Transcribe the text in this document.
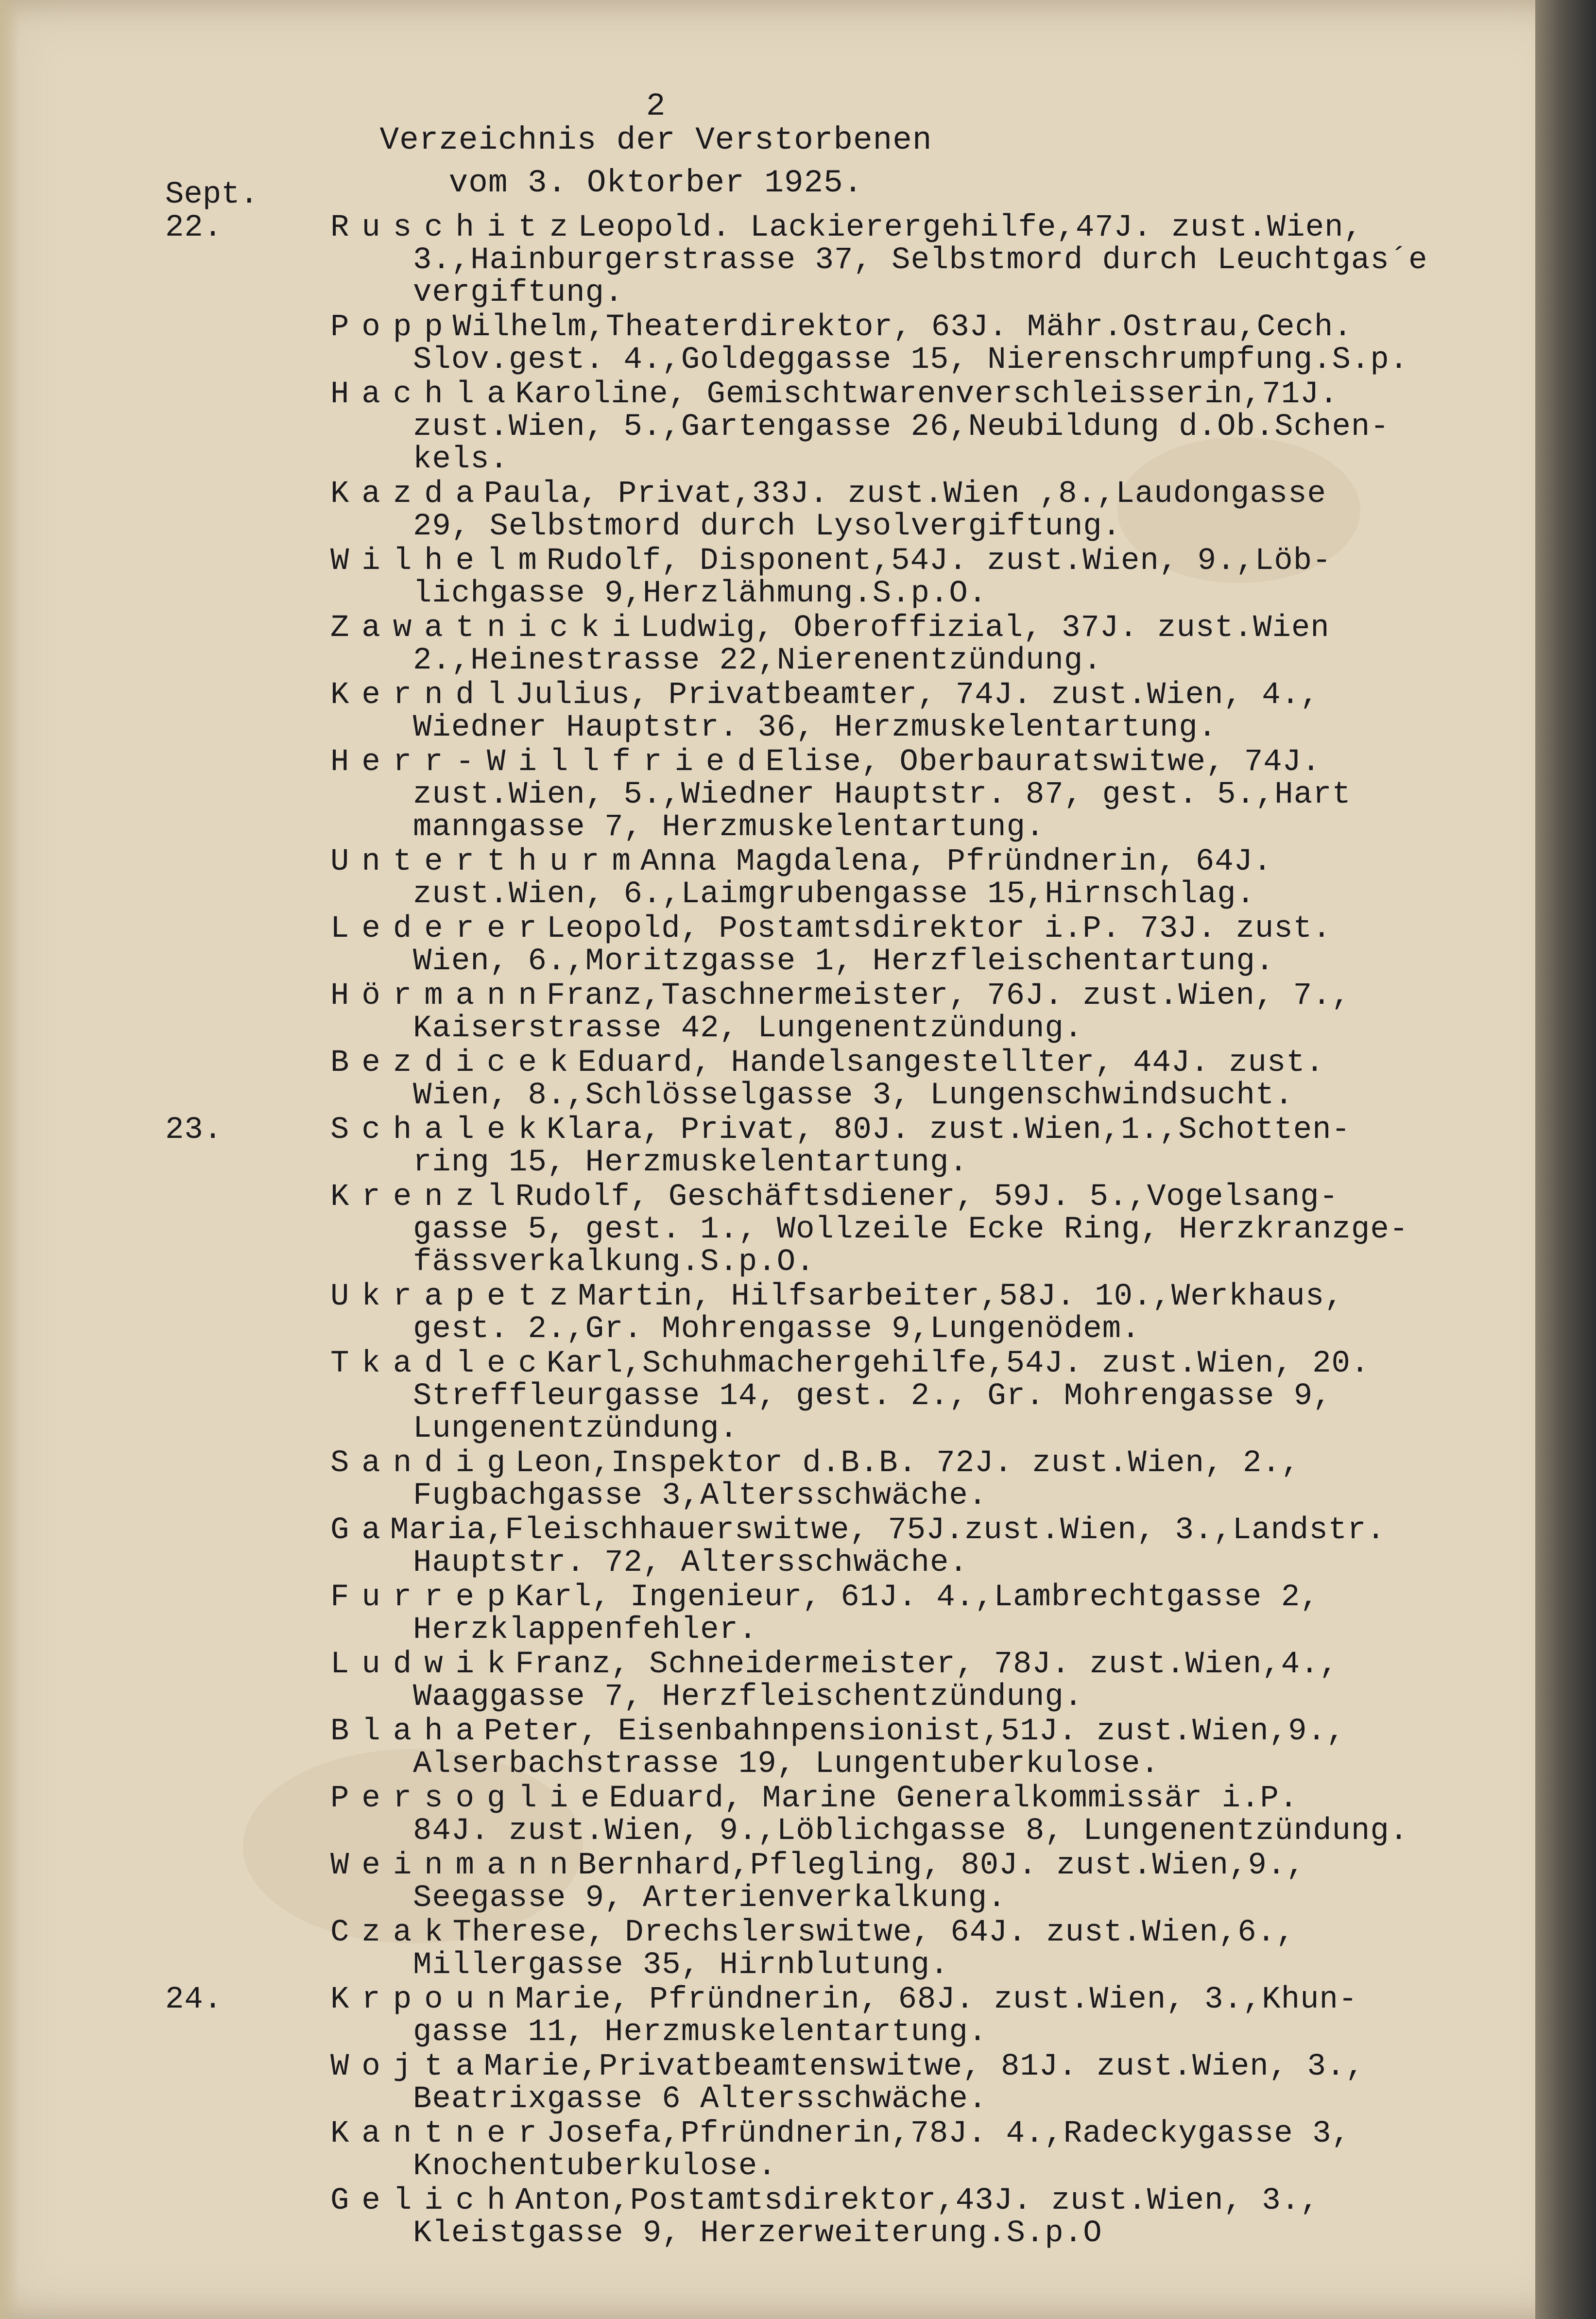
2
Verzeichnis der Verstorbenen
vom 3. Oktorber 1925.
Sept.
22.	RuschitzLeopold. Lackierergehilfe,47J. zust.Wien,
3.,Hainburgerstrasse 37, Selbstmord durch Leuchtgas´e
vergiftung.
PoppWilhelm,Theaterdirektor, 63J. Mähr.Ostrau,Cech.
Slov.gest. 4.,Goldeggasse 15, Nierenschrumpfung.S.p.
HachlaKaroline, Gemischtwarenverschleisserin,71J.
zust.Wien, 5.,Gartengasse 26,Neubildung d.Ob.Schen-
kels.
KazdaPaula, Privat,33J. zust.Wien ,8.,Laudongasse
29, Selbstmord durch Lysolvergiftung.
WilhelmRudolf, Disponent,54J. zust.Wien, 9.,Löb-
lichgasse 9,Herzlähmung.S.p.O.
ZawatnickiLudwig, Oberoffizial, 37J. zust.Wien
2.,Heinestrasse 22,Nierenentzündung.
KerndlJulius, Privatbeamter, 74J. zust.Wien, 4.,
Wiedner Hauptstr. 36, Herzmuskelentartung.
Herr-WillfriedElise, Oberbauratswitwe, 74J.
zust.Wien, 5.,Wiedner Hauptstr. 87, gest. 5.,Hart
manngasse 7, Herzmuskelentartung.
UnterthurmAnna Magdalena, Pfründnerin, 64J.
zust.Wien, 6.,Laimgrubengasse 15,Hirnschlag.
LedererLeopold, Postamtsdirektor i.P. 73J. zust.
Wien, 6.,Moritzgasse 1, Herzfleischentartung.
HörmannFranz,Taschnermeister, 76J. zust.Wien, 7.,
Kaiserstrasse 42, Lungenentzündung.
BezdicekEduard, Handelsangestellter, 44J. zust.
Wien, 8.,Schlösselgasse 3, Lungenschwindsucht.
23.	SchalekKlara, Privat, 80J. zust.Wien,1.,Schotten-
ring 15, Herzmuskelentartung.
KrenzlRudolf, Geschäftsdiener, 59J. 5.,Vogelsang-
gasse 5, gest. 1., Wollzeile Ecke Ring, Herzkranzge-
fässverkalkung.S.p.O.
UkrapetzMartin, Hilfsarbeiter,58J. 10.,Werkhaus,
gest. 2.,Gr. Mohrengasse 9,Lungenödem.
TkadlecKarl,Schuhmachergehilfe,54J. zust.Wien, 20.
Streffleurgasse 14, gest. 2., Gr. Mohrengasse 9,
Lungenentzündung.
SandigLeon,Inspektor d.B.B. 72J. zust.Wien, 2.,
Fugbachgasse 3,Altersschwäche.
GaMaria,Fleischhauerswitwe, 75J.zust.Wien, 3.,Landstr.
Hauptstr. 72, Altersschwäche.
FurrepKarl, Ingenieur, 61J. 4.,Lambrechtgasse 2,
Herzklappenfehler.
LudwikFranz, Schneidermeister, 78J. zust.Wien,4.,
Waaggasse 7, Herzfleischentzündung.
BlahaPeter, Eisenbahnpensionist,51J. zust.Wien,9.,
Alserbachstrasse 19, Lungentuberkulose.
PersoglieEduard, Marine Generalkommissär i.P.
84J. zust.Wien, 9.,Löblichgasse 8, Lungenentzündung.
WeinmannBernhard,Pflegling, 80J. zust.Wien,9.,
Seegasse 9, Arterienverkalkung.
CzakTherese, Drechslerswitwe, 64J. zust.Wien,6.,
Millergasse 35, Hirnblutung.
24.	KrpounMarie, Pfründnerin, 68J. zust.Wien, 3.,Khun-
gasse 11, Herzmuskelentartung.
WojtaMarie,Privatbeamtenswitwe, 81J. zust.Wien, 3.,
Beatrixgasse 6 Altersschwäche.
KantnerJosefa,Pfründnerin,78J. 4.,Radeckygasse 3,
Knochentuberkulose.
GelichAnton,Postamtsdirektor,43J. zust.Wien, 3.,
Kleistgasse 9, Herzerweiterung.S.p.O
